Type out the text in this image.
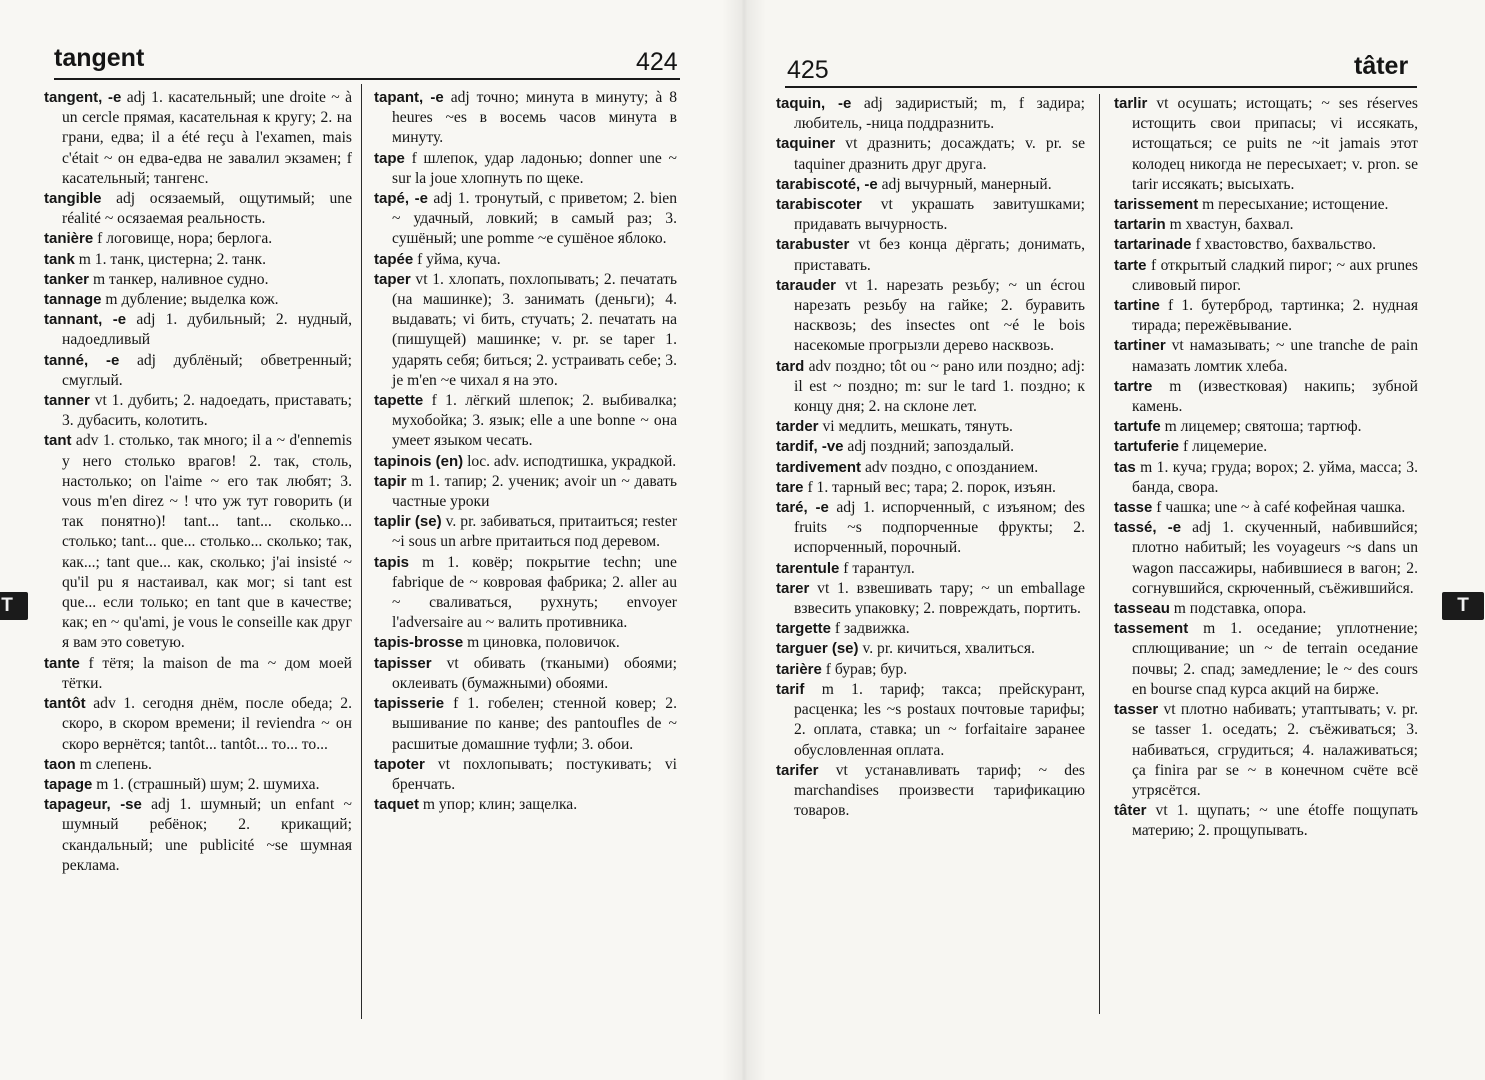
tangent	424
tangent, -e adj 1. касательный; une droite ~ à un cercle прямая, касательная к кругу; 2. на грани, едва; il a été reçu à l'examen, mais c'était ~ он едва-едва не завалил экзамен; f касательный; тангенс.
tangible adj осязаемый, ощутимый; une réalité ~ осязаемая реальность.
tanière f логовище, нора; берлога.
tank m 1. танк, цистерна; 2. танк.
tanker m танкер, наливное судно.
tannage m дубление; выделка кож.
tannant, -e adj 1. дубильный; 2. нудный, надоедливый
tanné, -e adj дублёный; обветренный; смуглый.
tanner vt 1. дубить; 2. надоедать, приставать; 3. дубасить, колотить.
tant adv 1. столько, так много; il a ~ d'ennemis у него столько врагов! 2. так, столь, настолько; on l'aime ~ его так любят; 3. vous m'en direz ~ ! что уж тут говорить (и так понятно)! tant... tant... сколько... столько; tant... que... столько... сколько; так, как...; tant que... как, сколько; j'ai insisté ~ qu'il pu я настаивал, как мог; si tant est que... если только; en tant que в качестве; как; en ~ qu'ami, je vous le conseille как друг я вам это советую.
tante f тётя; la maison de ma ~ дом моей тётки.
tantôt adv 1. сегодня днём, после обеда; 2. скоро, в скором времени; il reviendra ~ он скоро вернётся; tantôt... tantôt... то... то...
taon m слепень.
tapage m 1. (страшный) шум; 2. шумиха.
tapageur, -se adj 1. шумный; un enfant ~ шумный ребёнок; 2. крикащий; скандальный; une publicité ~se шумная реклама.
tapant, -e adj точно; минута в минуту; à 8 heures ~es в восемь часов минута в минуту.
tape f шлепок, удар ладонью; donner une ~ sur la joue хлопнуть по щеке.
tapé, -e adj 1. тронутый, с приветом; 2. bien ~ удачный, ловкий; в самый раз; 3. сушёный; une pomme ~e сушёное яблоко.
tapée f уйма, куча.
taper vt 1. хлопать, похлопывать; 2. печатать (на машинке); 3. занимать (деньги); 4. выдавать; vi бить, стучать; 2. печатать на (пишущей) машинке; v. pr. se taper 1. ударять себя; биться; 2. устраивать себе; 3. je m'en ~e чихал я на это.
tapette f 1. лёгкий шлепок; 2. выбивалка; мухобойка; 3. язык; elle a une bonne ~ она умеет языком чесать.
tapinois (en) loc. adv. исподтишка, украдкой.
tapir m 1. тапир; 2. ученик; avoir un ~ давать частные уроки
taplir (se) v. pr. забиваться, притаиться; rester ~i sous un arbre притаиться под деревом.
tapis m 1. ковёр; покрытие techn; une fabrique de ~ ковровая фабрика; 2. aller au ~ сваливаться, рухнуть; envoyer l'adversaire au ~ валить противника.
tapis-brosse m циновка, половичок.
tapisser vt обивать (ткаными) обоями; оклеивать (бумажными) обоями.
tapisserie f 1. гобелен; стенной ковер; 2. вышивание по канве; des pantoufles de ~ расшитые домашние туфли; 3. обои.
tapoter vt похлопывать; постукивать; vi бренчать.
taquet m упор; клин; защелка.
T
425	tâter
taquin, -e adj задиристый; m, f задира; любитель, -ница поддразнить.
taquiner vt дразнить; досаждать; v. pr. se taquiner дразнить друг друга.
tarabiscoté, -e adj вычурный, манерный.
tarabiscoter vt украшать завитушками; придавать вычурность.
tarabuster vt без конца дёргать; донимать, приставать.
tarauder vt 1. нарезать резьбу; ~ un écrou нарезать резьбу на гайке; 2. буравить насквозь; des insectes ont ~é le bois насекомые прогрызли дерево насквозь.
tard adv поздно; tôt ou ~ рано или поздно; adj: il est ~ поздно; m: sur le tard 1. поздно; к концу дня; 2. на склоне лет.
tarder vi медлить, мешкать, тянуть.
tardif, -ve adj поздний; запоздалый.
tardivement adv поздно, с опозданием.
tare f 1. тарный вес; тара; 2. порок, изъян.
taré, -e adj 1. испорченный, с изъяном; des fruits ~s подпорченные фрукты; 2. испорченный, порочный.
tarentule f тарантул.
tarer vt 1. взвешивать тару; ~ un emballage взвесить упаковку; 2. повреждать, портить.
targette f задвижка.
targuer (se) v. pr. кичиться, хвалиться.
tarière f бурав; бур.
tarif m 1. тариф; такса; прейскурант, расценка; les ~s postaux почтовые тарифы; 2. оплата, ставка; un ~ forfaitaire заранее обусловленная оплата.
tarifer vt устанавливать тариф; ~ des marchandises произвести тарификацию товаров.
tarlir vt осушать; истощать; ~ ses réserves истощить свои припасы; vi иссякать, истощаться; ce puits ne ~it jamais этот колодец никогда не пересыхает; v. pron. se tarir иссякать; высыхать.
tarissement m пересыхание; истощение.
tartarin m хвастун, бахвал.
tartarinade f хвастовство, бахвальство.
tarte f открытый сладкий пирог; ~ aux prunes сливовый пирог.
tartine f 1. бутерброд, тартинка; 2. нудная тирада; пережёвывание.
tartiner vt намазывать; ~ une tranche de pain намазать ломтик хлеба.
tartre m (известковая) накипь; зубной камень.
tartufe m лицемер; святоша; тартюф.
tartuferie f лицемерие.
tas m 1. куча; груда; ворох; 2. уйма, масса; 3. банда, свора.
tasse f чашка; une ~ à café кофейная чашка.
tassé, -e adj 1. скученный, набившийся; плотно набитый; les voyageurs ~s dans un wagon пассажиры, набившиеся в вагон; 2. согнувшийся, скрюченный, съёжившийся.
tasseau m подставка, опора.
tassement m 1. оседание; уплотнение; сплющивание; un ~ de terrain оседание почвы; 2. спад; замедление; le ~ des cours en bourse спад курса акций на бирже.
tasser vt плотно набивать; утаптывать; v. pr. se tasser 1. оседать; 2. съёживаться; 3. набиваться, сгрудиться; 4. налаживаться; ça finira par se ~ в конечном счёте всё утрясётся.
tâter vt 1. щупать; ~ une étoffe пощупать материю; 2. прощупывать.
T
